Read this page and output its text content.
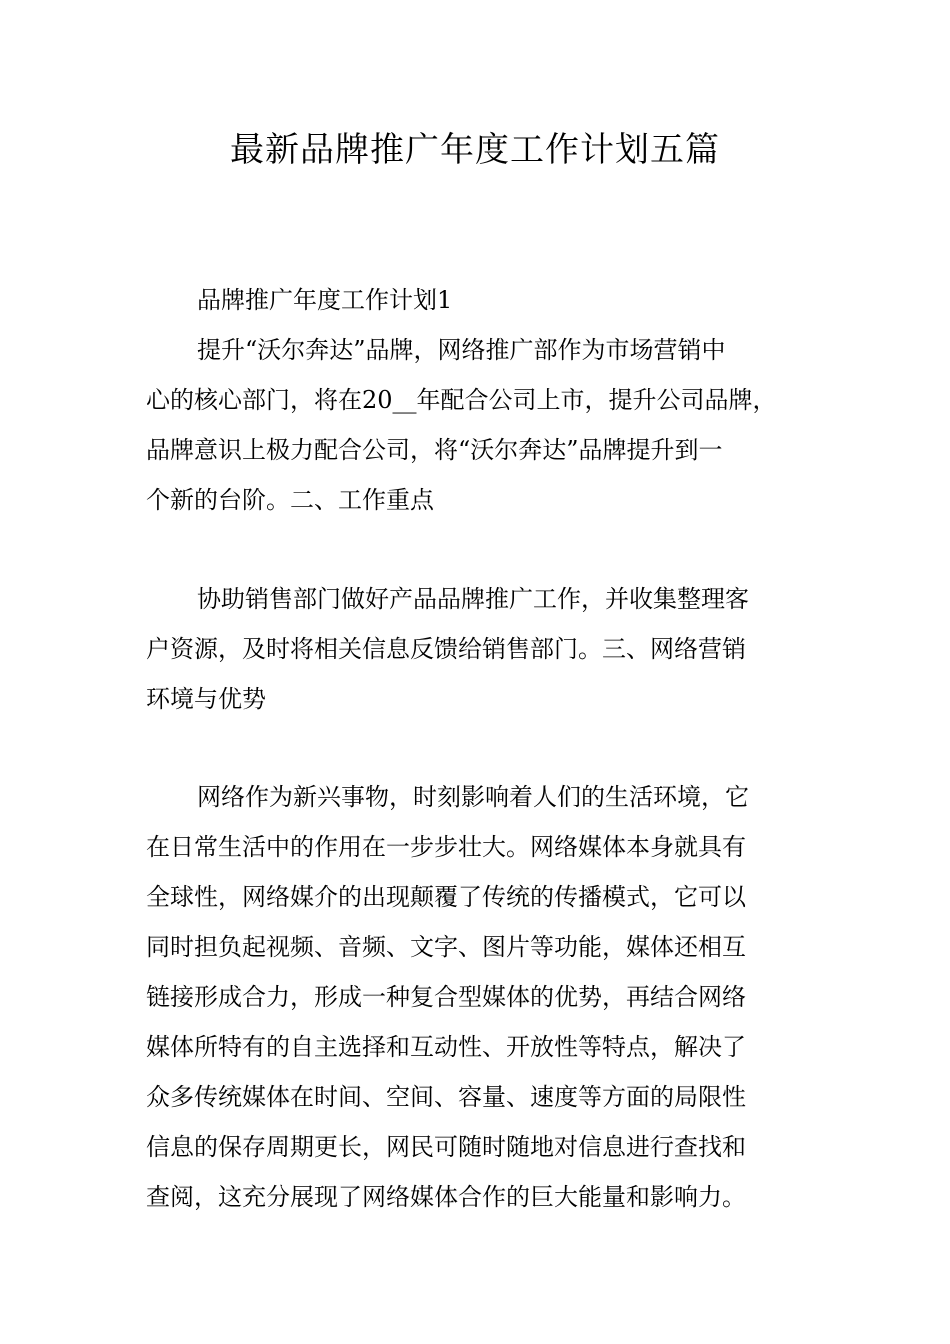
最新品牌推广年度工作计划五篇

品牌推广年度工作计划1

提升“沃尔奔达”品牌，网络推广部作为市场营销中

心的核心部门，将在20__年配合公司上市，提升公司品牌，

品牌意识上极力配合公司，将“沃尔奔达”品牌提升到一

个新的台阶。二、工作重点

协助销售部门做好产品品牌推广工作，并收集整理客

户资源，及时将相关信息反馈给销售部门。三、网络营销

环境与优势

网络作为新兴事物，时刻影响着人们的生活环境，它

在日常生活中的作用在一步步壮大。网络媒体本身就具有

全球性，网络媒介的出现颠覆了传统的传播模式，它可以

同时担负起视频、音频、文字、图片等功能，媒体还相互

链接形成合力，形成一种复合型媒体的优势，再结合网络

媒体所特有的自主选择和互动性、开放性等特点，解决了

众多传统媒体在时间、空间、容量、速度等方面的局限性

信息的保存周期更长，网民可随时随地对信息进行查找和

查阅，这充分展现了网络媒体合作的巨大能量和影响力。
